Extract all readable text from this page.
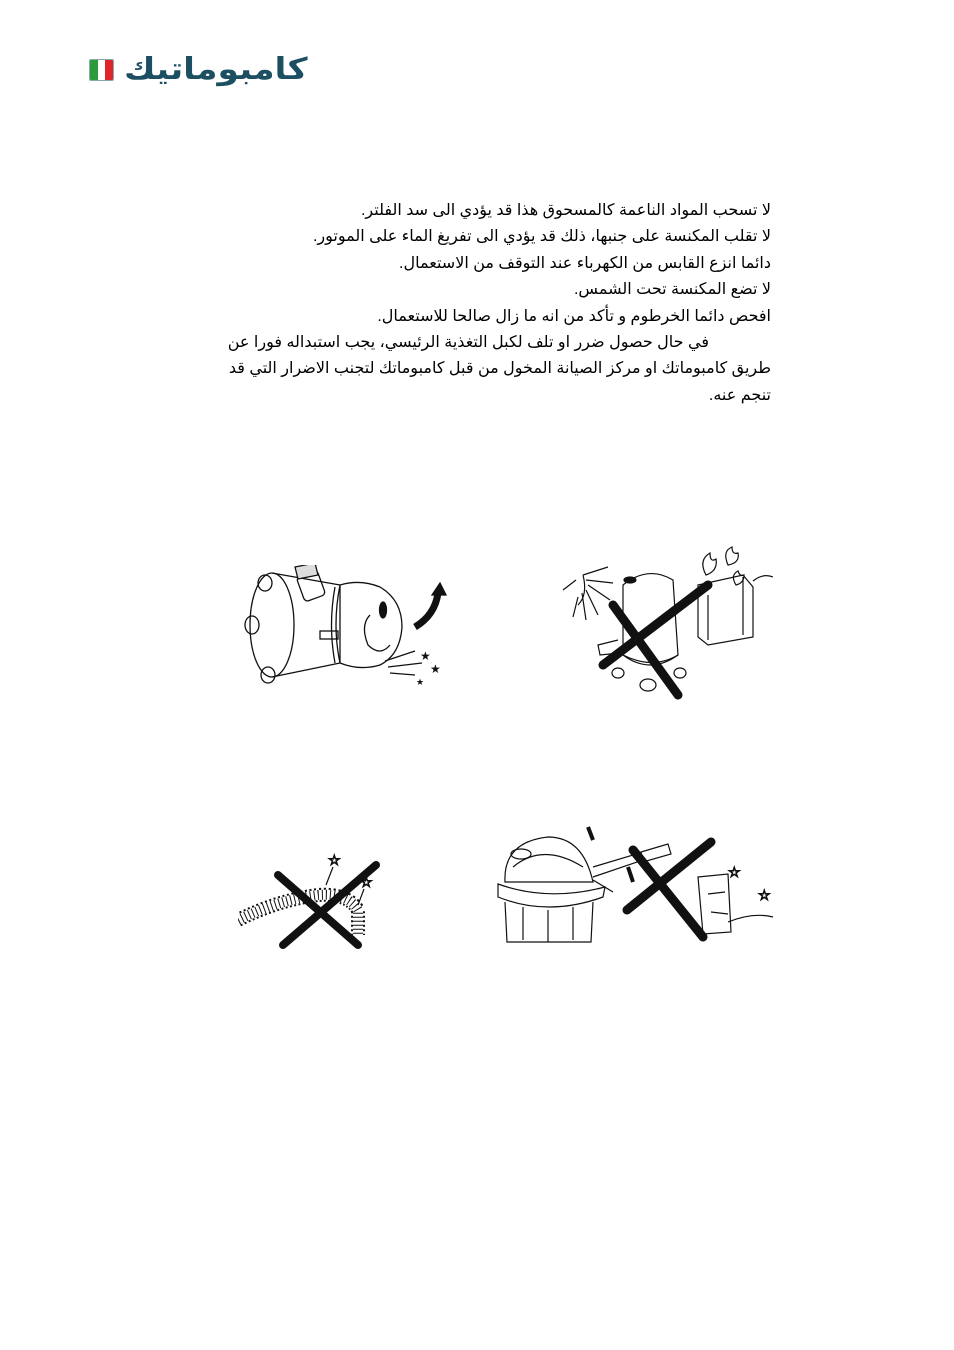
كامبوماتيك

لا تسحب المواد الناعمة كالمسحوق هذا قد يؤدي الى سد الفلتر.

لا تقلب المكنسة على جنبها، ذلك قد يؤدي الى تفريغ الماء على الموتور.

دائما انزع القابس من الكهرباء عند التوقف من الاستعمال.

لا تضع المكنسة تحت الشمس.

افحص دائما الخرطوم و تأكد من انه ما زال صالحا للاستعمال.

في حال حصول ضرر او تلف لكبل التغذية الرئيسي، يجب استبداله فورا عن

طريق كامبوماتك او مركز الصيانة المخول من قبل كامبوماتك لتجنب الاضرار التي قد

تنجم عنه.

★
★
★
☆
☆
☆
☆
